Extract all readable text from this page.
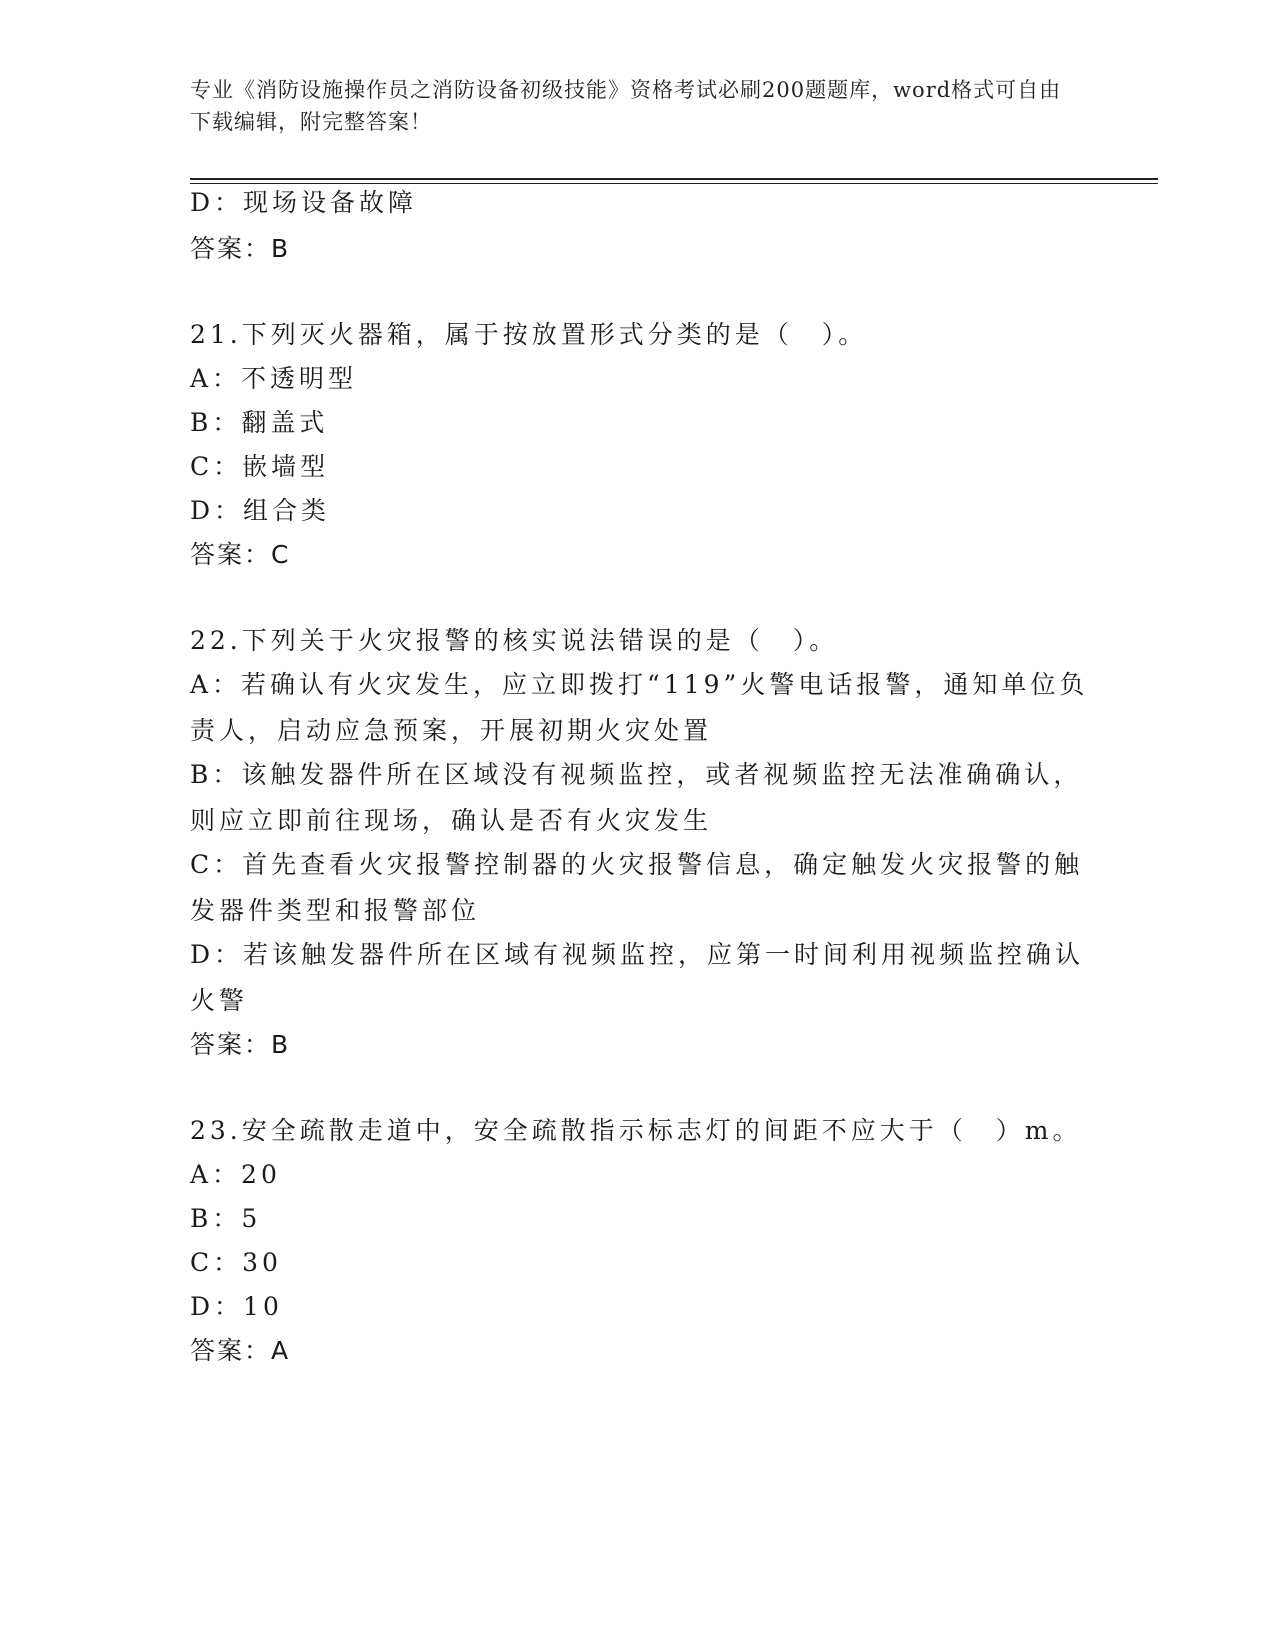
专业《消防设施操作员之消防设备初级技能》资格考试必刷200题题库，word格式可自由下载编辑，附完整答案！
D：现场设备故障
答案：B
21.下列灭火器箱，属于按放置形式分类的是（　）。
A：不透明型
B：翻盖式
C：嵌墙型
D：组合类
答案：C
22.下列关于火灾报警的核实说法错误的是（　）。
A：若确认有火灾发生，应立即拨打“119”火警电话报警，通知单位负责人，启动应急预案，开展初期火灾处置
B：该触发器件所在区域没有视频监控，或者视频监控无法准确确认，则应立即前往现场，确认是否有火灾发生
C：首先查看火灾报警控制器的火灾报警信息，确定触发火灾报警的触发器件类型和报警部位
D：若该触发器件所在区域有视频监控，应第一时间利用视频监控确认火警
答案：B
23.安全疏散走道中，安全疏散指示标志灯的间距不应大于（　）m。
A：20
B：5
C：30
D：10
答案：A
